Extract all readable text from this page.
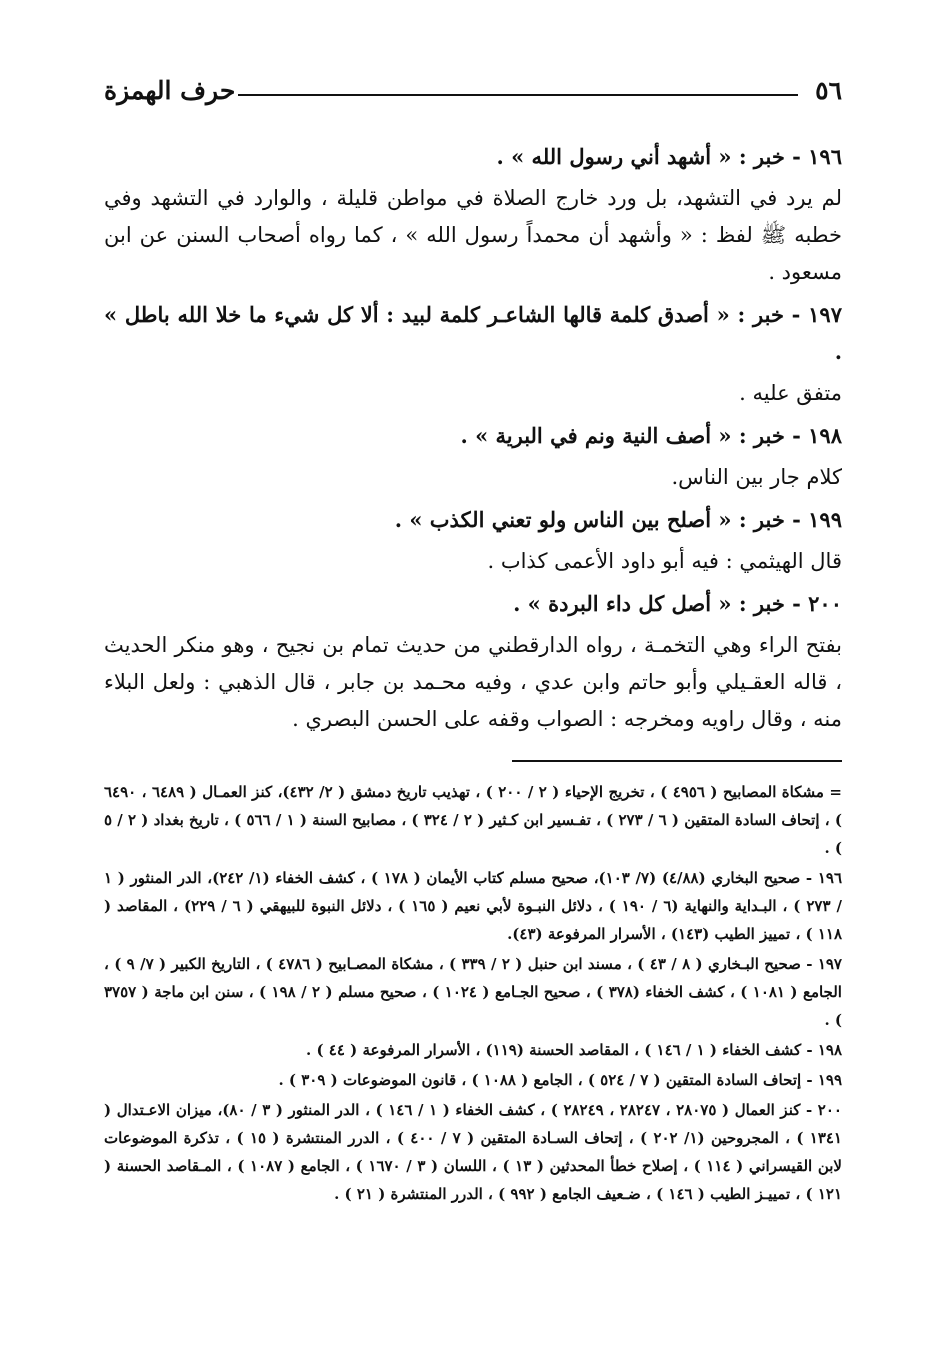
حرف الهمزة	٥٦

١٩٦ - خبر : « أشهد أني رسول الله » .

لم يرد في التشهد، بل ورد خارج الصلاة في مواطن قليلة ، والوارد في التشهد وفي خطبه ﷺ لفظ : « وأشهد أن محمداً رسول الله » ، كما رواه أصحاب السنن عن ابن مسعود .

١٩٧ - خبر : « أصدق كلمة قالها الشاعـر كلمة لبيد : ألا كل شيء ما خلا الله باطل » .

متفق عليه .

١٩٨ - خبر : « أصف النية ونم في البرية » .

كلام جار بين الناس.

١٩٩ - خبر : « أصلح بين الناس ولو تعني الكذب » .

قال الهيثمي : فيه أبو داود الأعمى كذاب .

٢٠٠ - خبر : « أصل كل داء البردة » .

بفتح الراء وهي التخمـة ، رواه الدارقطني من حديث تمام بن نجيح ، وهو منكر الحديث ، قاله العقـيلي وأبو حاتم وابن عدي ، وفيه محـمد بن جابر ، قال الذهبي : ولعل البلاء منه ، وقال راويه ومخرجه : الصواب وقفه على الحسن البصري .

= مشكاة المصابيح ( ٤٩٥٦ ) ، تخريج الإحياء ( ٢ / ٢٠٠ ) ، تهذيب تاريخ دمشق ( ٢/ ٤٣٢)، كنز العمـال ( ٦٤٨٩ ، ٦٤٩٠ ) ، إتحاف السادة المتقين ( ٦ / ٢٧٣ ) ، تفـسير ابن كـثير ( ٢ / ٣٢٤ ) ، مصابيح السنة ( ١ / ٥٦٦ ) ، تاريخ بغداد ( ٢ / ٥ ) .

١٩٦ - صحيح البخاري (٤/٨٨) (٧/ ١٠٣)، صحيح مسلم كتاب الأيمان ( ١٧٨ ) ، كشف الخفاء (١/ ٢٤٢)، الدر المنثور ( ١ / ٢٧٣ ) ، البـداية والنهاية (٦ / ١٩٠ ) ، دلائل النبـوة لأبي نعيم ( ١٦٥ ) ، دلائل النبوة للبيهقي ( ٦ / ٢٢٩) ، المقاصد ( ١١٨ ) ، تمييز الطيب (١٤٣) ، الأسرار المرفوعة (٤٣).

١٩٧ - صحيح البـخاري ( ٨ / ٤٣ ) ، مسند ابن حنبل ( ٢ / ٣٣٩ ) ، مشكاة المصـابيح ( ٤٧٨٦ ) ، التاريخ الكبير ( ٧/ ٩ ) ، الجامع ( ١٠٨١ ) ، كشف الخفاء (٣٧٨ ) ، صحيح الجـامع ( ١٠٢٤ ) ، صحيح مسلم ( ٢ / ١٩٨ ) ، سنن ابن ماجة ( ٣٧٥٧ ) .

١٩٨ - كشف الخفاء ( ١ / ١٤٦ ) ، المقاصد الحسنة (١١٩) ، الأسرار المرفوعة ( ٤٤ ) .

١٩٩ - إتحاف السادة المتقين ( ٧ / ٥٢٤ ) ، الجامع ( ١٠٨٨ ) ، قانون الموضوعات ( ٣٠٩ ) .

٢٠٠ - كنز العمال ( ٢٨٠٧٥ ، ٢٨٢٤٧ ، ٢٨٢٤٩ ) ، كشف الخفاء ( ١ / ١٤٦ ) ، الدر المنثور ( ٣ / ٨٠)، ميزان الاعـتدال ( ١٣٤١ ) ، المجروحين (١/ ٢٠٢ ) ، إتحاف السـادة المتقين ( ٧ / ٤٠٠ ) ، الدرر المنتشرة ( ١٥ ) ، تذكرة الموضوعات لابن القيسراني ( ١١٤ ) ، إصلاح خطأ المحدثين ( ١٣ ) ، اللسان ( ٣ / ١٦٧٠ ) ، الجامع ( ١٠٨٧ ) ، المـقاصد الحسنة ( ١٢١ ) ، تمييـز الطيب ( ١٤٦ ) ، ضـعيف الجامع ( ٩٩٢ ) ، الدرر المنتشرة ( ٢١ ) .
